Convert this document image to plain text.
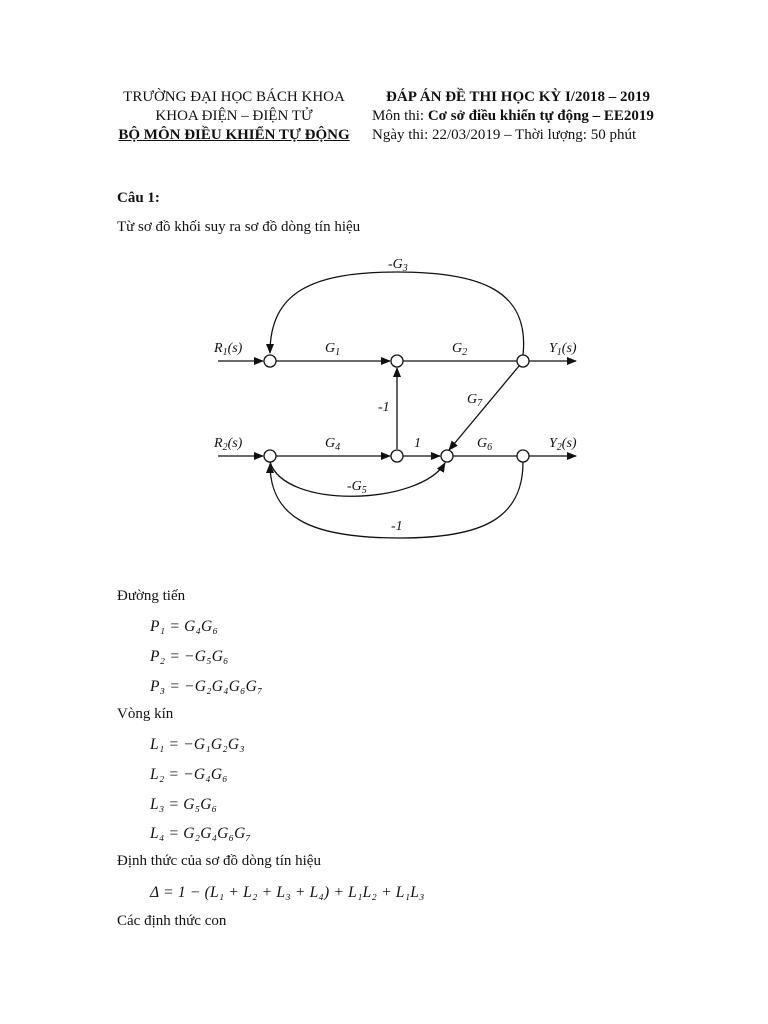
TRƯỜNG ĐẠI HỌC BÁCH KHOA
KHOA ĐIỆN – ĐIỆN TỬ
BỘ MÔN ĐIỀU KHIỂN TỰ ĐỘNG
ĐÁP ÁN ĐỀ THI HỌC KỲ I/2018 – 2019
Môn thi: Cơ sở điều khiển tự động – EE2019
Ngày thi: 22/03/2019 – Thời lượng: 50 phút
Câu 1:
Từ sơ đồ khối suy ra sơ đồ dòng tín hiệu
$-G_3$
$R_1(s)$	$G_1$	$G_2$	$Y_1(s)$
$G_7$
-1
$R_2(s)$	$G_4$	1	$G_6$	$Y_2(s)$
$-G_5$
-1
Đường tiến
P₁ = G₄G₆
P₂ = −G₅G₆
P₃ = −G₂G₄G₆G₇
Vòng kín
L₁ = −G₁G₂G₃
L₂ = −G₄G₆
L₃ = G₅G₆
L₄ = G₂G₄G₆G₇
Định thức của sơ đồ dòng tín hiệu
Δ = 1 − (L₁ + L₂ + L₃ + L₄) + L₁L₂ + L₁L₃
Các định thức con
